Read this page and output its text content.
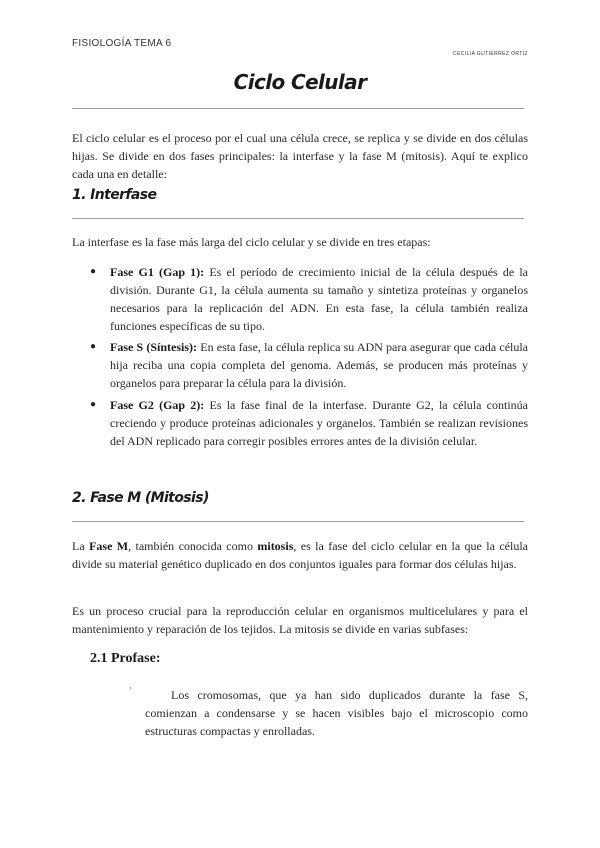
FISIOLOGÍA TEMA 6
CECILIA GUTIÉRREZ ORTIZ
Ciclo Celular
El ciclo celular es el proceso por el cual una célula crece, se replica y se divide en dos células hijas. Se divide en dos fases principales: la interfase y la fase M (mitosis). Aquí te explico cada una en detalle:
1. Interfase
La interfase es la fase más larga del ciclo celular y se divide en tres etapas:
● Fase G1 (Gap 1): Es el período de crecimiento inicial de la célula después de la división. Durante G1, la célula aumenta su tamaño y sintetiza proteínas y organelos necesarios para la replicación del ADN. En esta fase, la célula también realiza funciones específicas de su tipo.
● Fase S (Síntesis): En esta fase, la célula replica su ADN para asegurar que cada célula hija reciba una copia completa del genoma. Además, se producen más proteínas y organelos para preparar la célula para la división.
● Fase G2 (Gap 2): Es la fase final de la interfase. Durante G2, la célula continúa creciendo y produce proteínas adicionales y organelos. También se realizan revisiones del ADN replicado para corregir posibles errores antes de la división celular.
2. Fase M (Mitosis)
La Fase M, también conocida como mitosis, es la fase del ciclo celular en la que la célula divide su material genético duplicado en dos conjuntos iguales para formar dos células hijas.
Es un proceso crucial para la reproducción celular en organismos multicelulares y para el mantenimiento y reparación de los tejidos. La mitosis se divide en varias subfases:
2.1 Profase:
·	Los cromosomas, que ya han sido duplicados durante la fase S, comienzan a condensarse y se hacen visibles bajo el microscopio como estructuras compactas y enrolladas.
